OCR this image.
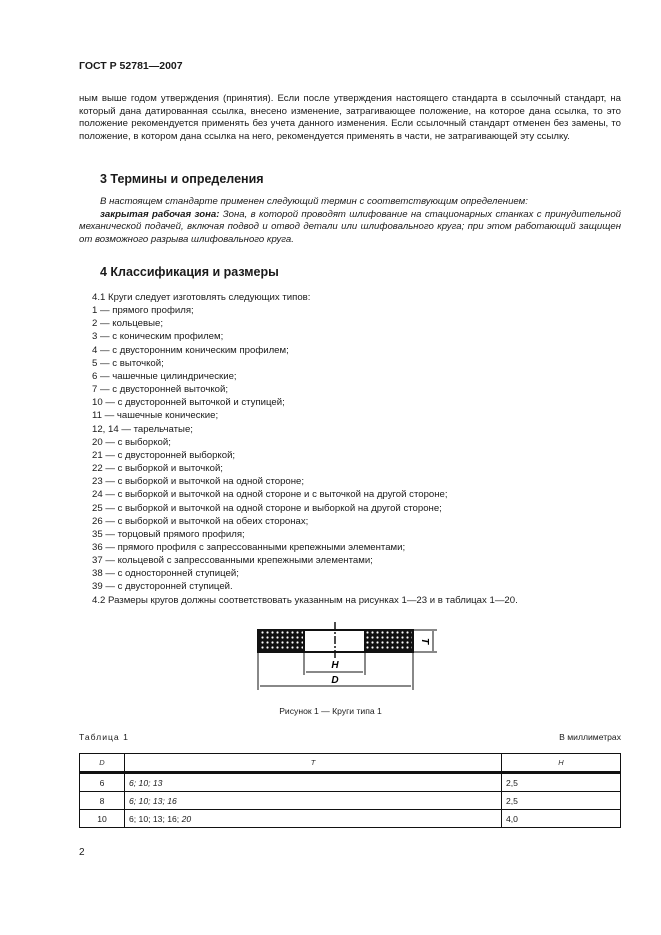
ГОСТ Р 52781—2007
ным выше годом утверждения (принятия). Если после утверждения настоящего стандарта в ссылочный стандарт, на который дана датированная ссылка, внесено изменение, затрагивающее положение, на которое дана ссылка, то это положение рекомендуется применять без учета данного изменения. Если ссылочный стандарт отменен без замены, то положение, в котором дана ссылка на него, рекомендуется применять в части, не затрагивающей эту ссылку.
3 Термины и определения
В настоящем стандарте применен следующий термин с соответствующим определением:
закрытая рабочая зона: Зона, в которой проводят шлифование на стационарных станках с принудительной механической подачей, включая подвод и отвод детали или шлифовального круга; при этом работающий защищен от возможного разрыва шлифовального круга.
4 Классификация и размеры
4.1 Круги следует изготовлять следующих типов:
1 — прямого профиля;
2 — кольцевые;
3 — с коническим профилем;
4 — с двусторонним коническим профилем;
5 — с выточкой;
6 — чашечные цилиндрические;
7 — с двусторонней выточкой;
10 — с двусторонней выточкой и ступицей;
11 — чашечные конические;
12, 14 — тарельчатые;
20 — с выборкой;
21 — с двусторонней выборкой;
22 — с выборкой и выточкой;
23 — с выборкой и выточкой на одной стороне;
24 — с выборкой и выточкой на одной стороне и с выточкой на другой стороне;
25 — с выборкой и выточкой на одной стороне и выборкой на другой стороне;
26 — с выборкой и выточкой на обеих сторонах;
35 — торцовый прямого профиля;
36 — прямого профиля с запрессованными крепежными элементами;
37 — кольцевой с запрессованными крепежными элементами;
38 — с односторонней ступицей;
39 — с двусторонней ступицей.
4.2 Размеры кругов должны соответствовать указанным на рисунках 1—23 и в таблицах 1—20.
H
D
T
Рисунок 1 — Круги типа 1
Таблица 1	В миллиметрах
D	T	H
6	6; 10; 13	2,5
8	6; 10; 13; 16	2,5
10	6; 10; 13; 16; 20	4,0
2
